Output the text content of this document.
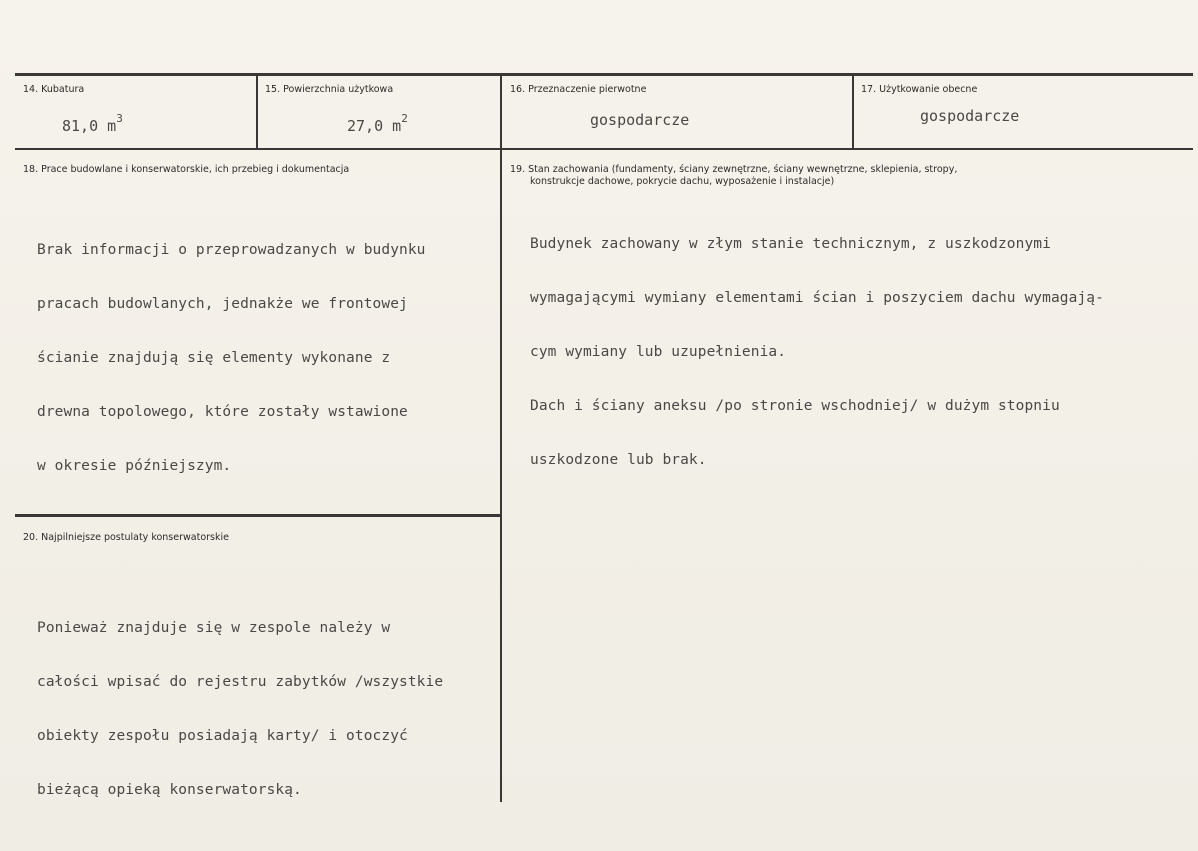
14. Kubatura
81,0 $m^3$
15. Powierzchnia użytkowa
27,0 $m^2$
16. Przeznaczenie pierwotne
gospodarcze
17. Użytkowanie obecne
gospodarcze
18. Prace budowlane i konserwatorskie, ich przebieg i dokumentacja

Brak informacji o przeprowadzanych w budynku

pracach budowlanych, jednakże we frontowej

ścianie znajdują się elementy wykonane z

drewna topolowego, które zostały wstawione

w okresie późniejszym.

19. Stan zachowania (fundamenty, ściany zewnętrzne, ściany wewnętrzne, sklepienia, stropy,
konstrukcje dachowe, pokrycie dachu, wyposażenie i instalacje)

Budynek zachowany w złym stanie technicznym, z uszkodzonymi

wymagającymi wymiany elementami ścian i poszyciem dachu wymagają-

cym wymiany lub uzupełnienia.

Dach i ściany aneksu /po stronie wschodniej/ w dużym stopniu

uszkodzone lub brak.

20. Najpilniejsze postulaty konserwatorskie

Ponieważ znajduje się w zespole należy w

całości wpisać do rejestru zabytków /wszystkie

obiekty zespołu posiadają karty/ i otoczyć

bieżącą opieką konserwatorską.
